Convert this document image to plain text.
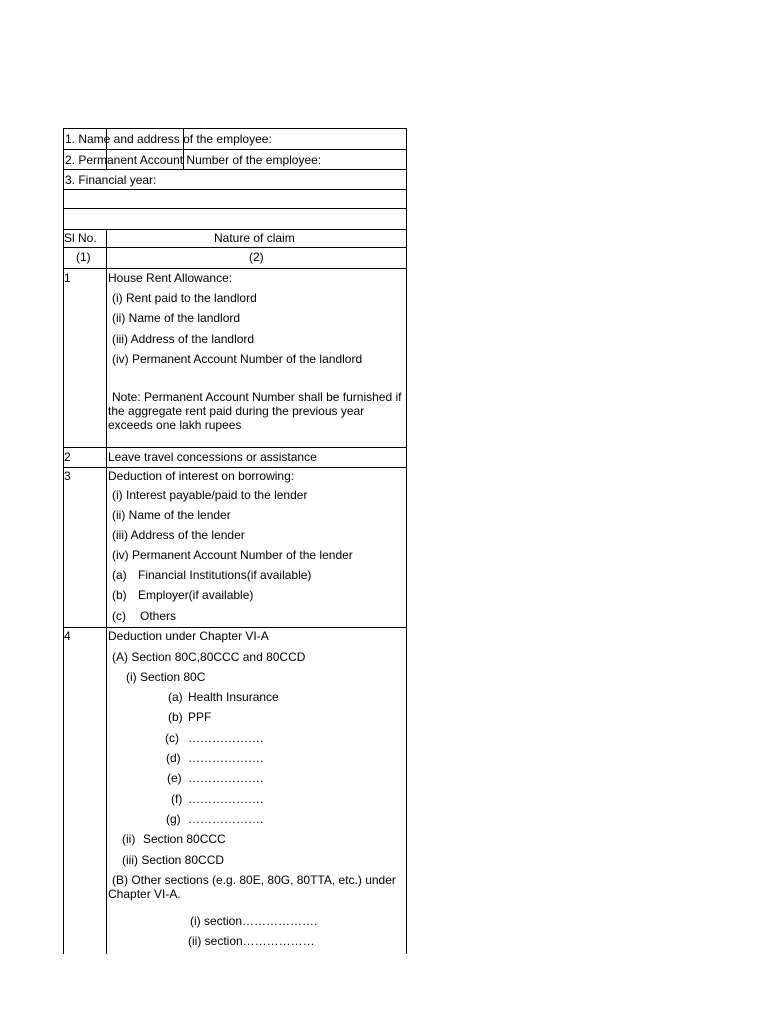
1. Name and address of the employee:
2. Permanent Account Number of the employee:
3. Financial year:
Sl No.	Nature of claim
(1)	(2)
1	House Rent Allowance:
(i) Rent paid to the landlord
(ii) Name of the landlord
(iii) Address of the landlord
(iv) Permanent Account Number of the landlord
Note: Permanent Account Number shall be furnished if the aggregate rent paid during the previous year exceeds one lakh rupees
2	Leave travel concessions or assistance
3	Deduction of interest on borrowing:
(i) Interest payable/paid to the lender
(ii) Name of the lender
(iii) Address of the lender
(iv) Permanent Account Number of the lender
(a) Financial Institutions(if available)
(b) Employer(if available)
(c) Others
4	Deduction under Chapter VI-A
(A) Section 80C,80CCC and 80CCD
(i) Section 80C
(a) Health Insurance
(b) PPF
(c) ……………….
(d) ……………….
(e) ……………….
(f) ……………….
(g) ……………….
(ii) Section 80CCC
(iii) Section 80CCD
(B) Other sections (e.g. 80E, 80G, 80TTA, etc.) under Chapter VI-A.
(i) section……………….
(ii) section………………
